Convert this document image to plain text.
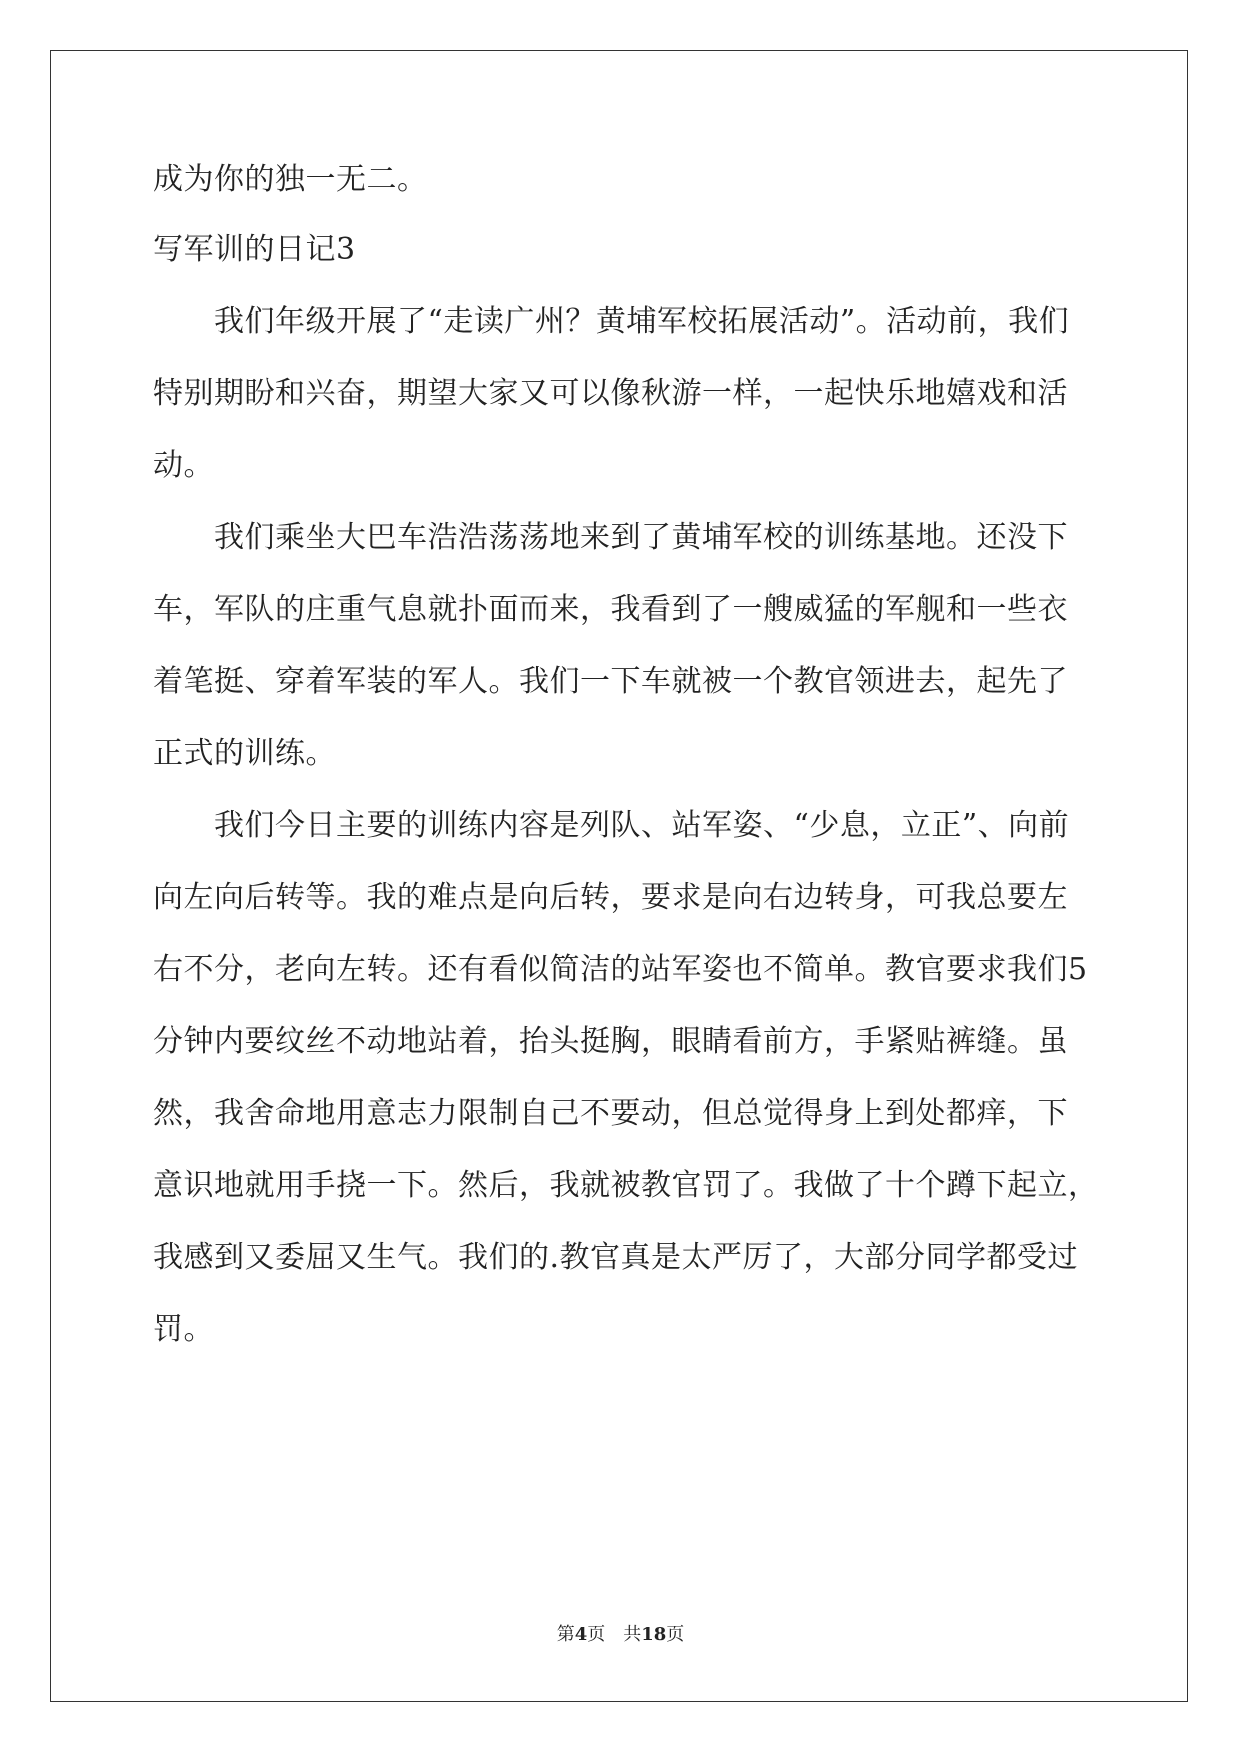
成为你的独一无二。
写军训的日记3
　　我们年级开展了“走读广州？黄埔军校拓展活动”。活动前，我们
特别期盼和兴奋，期望大家又可以像秋游一样，一起快乐地嬉戏和活
动。
　　我们乘坐大巴车浩浩荡荡地来到了黄埔军校的训练基地。还没下
车，军队的庄重气息就扑面而来，我看到了一艘威猛的军舰和一些衣
着笔挺、穿着军装的军人。我们一下车就被一个教官领进去，起先了
正式的训练。
　　我们今日主要的训练内容是列队、站军姿、“少息，立正”、向前
向左向后转等。我的难点是向后转，要求是向右边转身，可我总要左
右不分，老向左转。还有看似简洁的站军姿也不简单。教官要求我们5
分钟内要纹丝不动地站着，抬头挺胸，眼睛看前方，手紧贴裤缝。虽
然，我舍命地用意志力限制自己不要动，但总觉得身上到处都痒，下
意识地就用手挠一下。然后，我就被教官罚了。我做了十个蹲下起立，
我感到又委屈又生气。我们的.教官真是太严厉了，大部分同学都受过
罚。
第4页 共18页
